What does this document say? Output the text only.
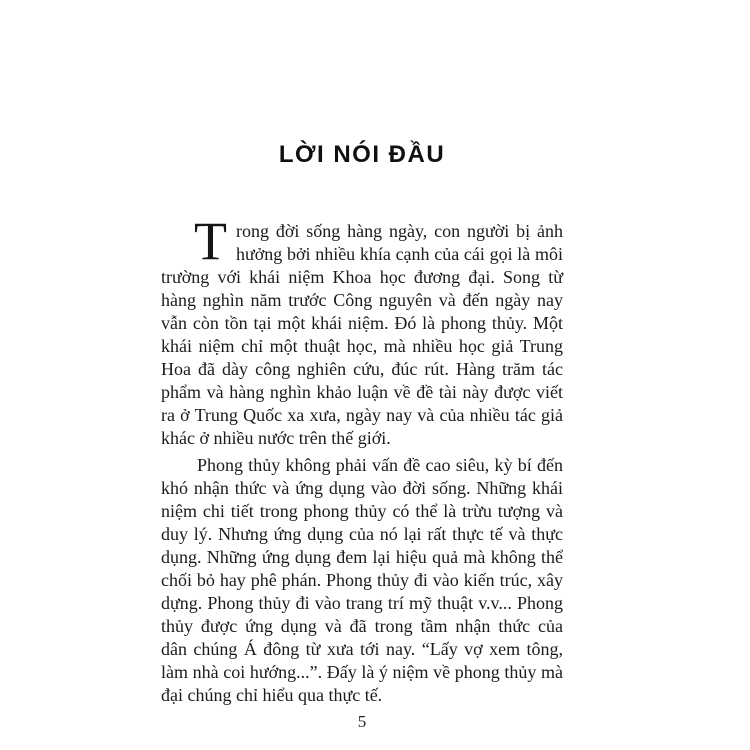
LỜI NÓI ĐẦU
T rong đời sống hàng ngày, con người bị ảnh
hưởng bởi nhiều khía cạnh của cái gọi là môi
trường với khái niệm Khoa học đương đại. Song từ
hàng nghìn năm trước Công nguyên và đến ngày nay
vẫn còn tồn tại một khái niệm. Đó là phong thủy. Một
khái niệm chỉ một thuật học, mà nhiều học giả Trung
Hoa đã dày công nghiên cứu, đúc rút. Hàng trăm tác
phẩm và hàng nghìn khảo luận về đề tài này được viết
ra ở Trung Quốc xa xưa, ngày nay và của nhiều tác giả
khác ở nhiều nước trên thế giới.
Phong thủy không phải vấn đề cao siêu, kỳ bí đến
khó nhận thức và ứng dụng vào đời sống. Những khái
niệm chi tiết trong phong thủy có thể là trừu tượng và
duy lý. Nhưng ứng dụng của nó lại rất thực tế và thực
dụng. Những ứng dụng đem lại hiệu quả mà không thể
chối bỏ hay phê phán. Phong thủy đi vào kiến trúc, xây
dựng. Phong thủy đi vào trang trí mỹ thuật v.v... Phong
thủy được ứng dụng và đã trong tầm nhận thức của
dân chúng Á đông từ xưa tới nay. “Lấy vợ xem tông,
làm nhà coi hướng...”. Đấy là ý niệm về phong thủy mà
đại chúng chỉ hiểu qua thực tế.
5
